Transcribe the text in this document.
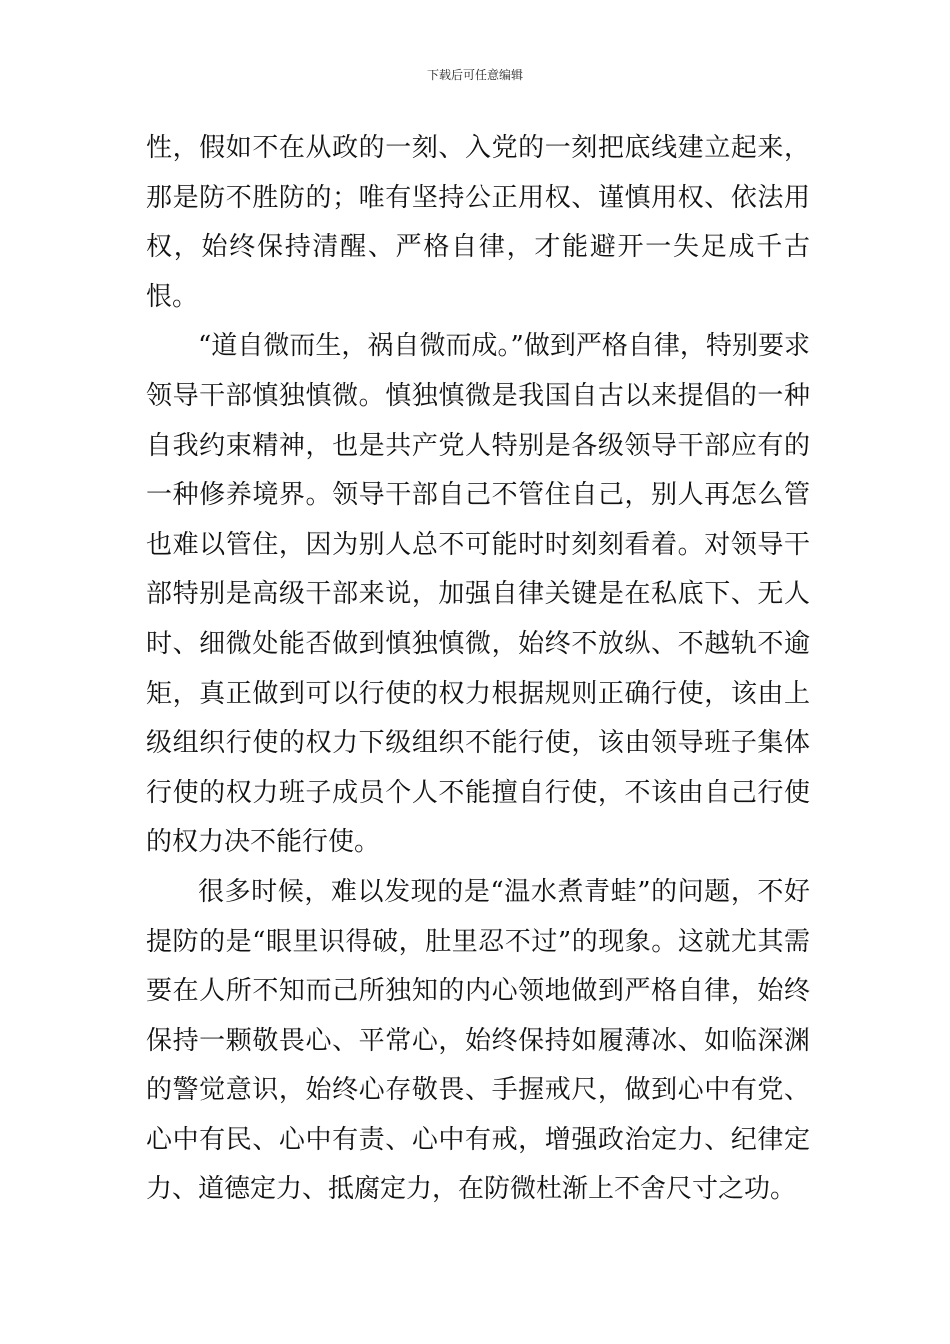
下载后可任意编辑

性，假如不在从政的一刻、入党的一刻把底线建立起来，那是防不胜防的；唯有坚持公正用权、谨慎用权、依法用权，始终保持清醒、严格自律，才能避开一失足成千古恨。

“道自微而生，祸自微而成。”做到严格自律，特别要求领导干部慎独慎微。慎独慎微是我国自古以来提倡的一种自我约束精神，也是共产党人特别是各级领导干部应有的一种修养境界。领导干部自己不管住自己，别人再怎么管也难以管住，因为别人总不可能时时刻刻看着。对领导干部特别是高级干部来说，加强自律关键是在私底下、无人时、细微处能否做到慎独慎微，始终不放纵、不越轨不逾矩，真正做到可以行使的权力根据规则正确行使，该由上级组织行使的权力下级组织不能行使，该由领导班子集体行使的权力班子成员个人不能擅自行使，不该由自己行使的权力决不能行使。

很多时候，难以发现的是“温水煮青蛙”的问题，不好提防的是“眼里识得破，肚里忍不过”的现象。这就尤其需要在人所不知而己所独知的内心领地做到严格自律，始终保持一颗敬畏心、平常心，始终保持如履薄冰、如临深渊的警觉意识，始终心存敬畏、手握戒尺，做到心中有党、心中有民、心中有责、心中有戒，增强政治定力、纪律定力、道德定力、抵腐定力，在防微杜渐上不舍尺寸之功。
